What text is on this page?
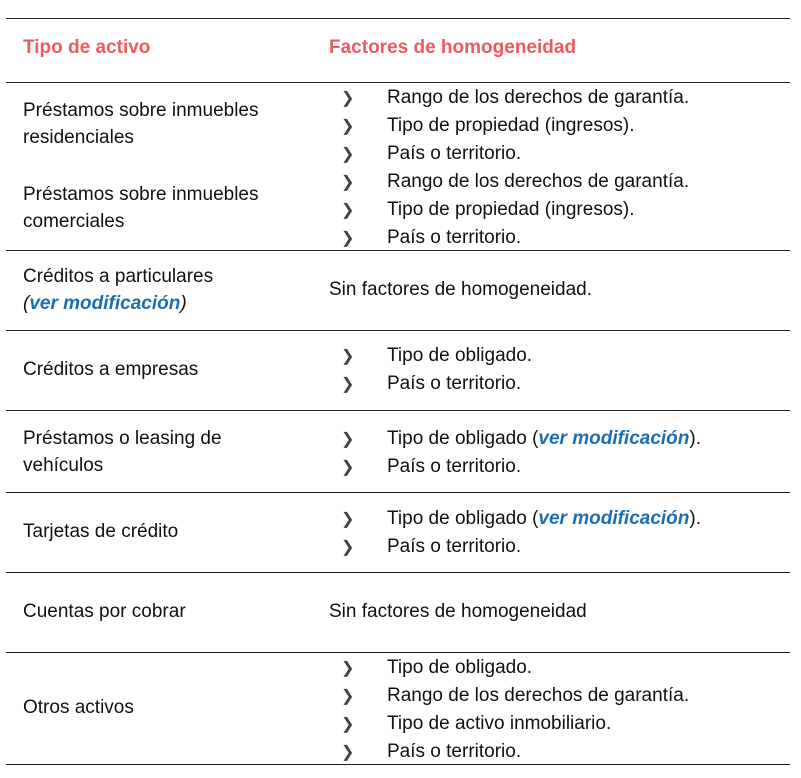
Tipo de activo	Factores de homogeneidad
Préstamos sobre inmuebles
residenciales
❯ Rango de los derechos de garantía.
❯ Tipo de propiedad (ingresos).
❯ País o territorio.
Préstamos sobre inmuebles
comerciales
❯ Rango de los derechos de garantía.
❯ Tipo de propiedad (ingresos).
❯ País o territorio.
Créditos a particulares
(ver modificación)
Sin factores de homogeneidad.
Créditos a empresas
❯ Tipo de obligado.
❯ País o territorio.
Préstamos o leasing de
vehículos
❯ Tipo de obligado (ver modificación).
❯ País o territorio.
Tarjetas de crédito
❯ Tipo de obligado (ver modificación).
❯ País o territorio.
Cuentas por cobrar	Sin factores de homogeneidad
Otros activos
❯ Tipo de obligado.
❯ Rango de los derechos de garantía.
❯ Tipo de activo inmobiliario.
❯ País o territorio.
